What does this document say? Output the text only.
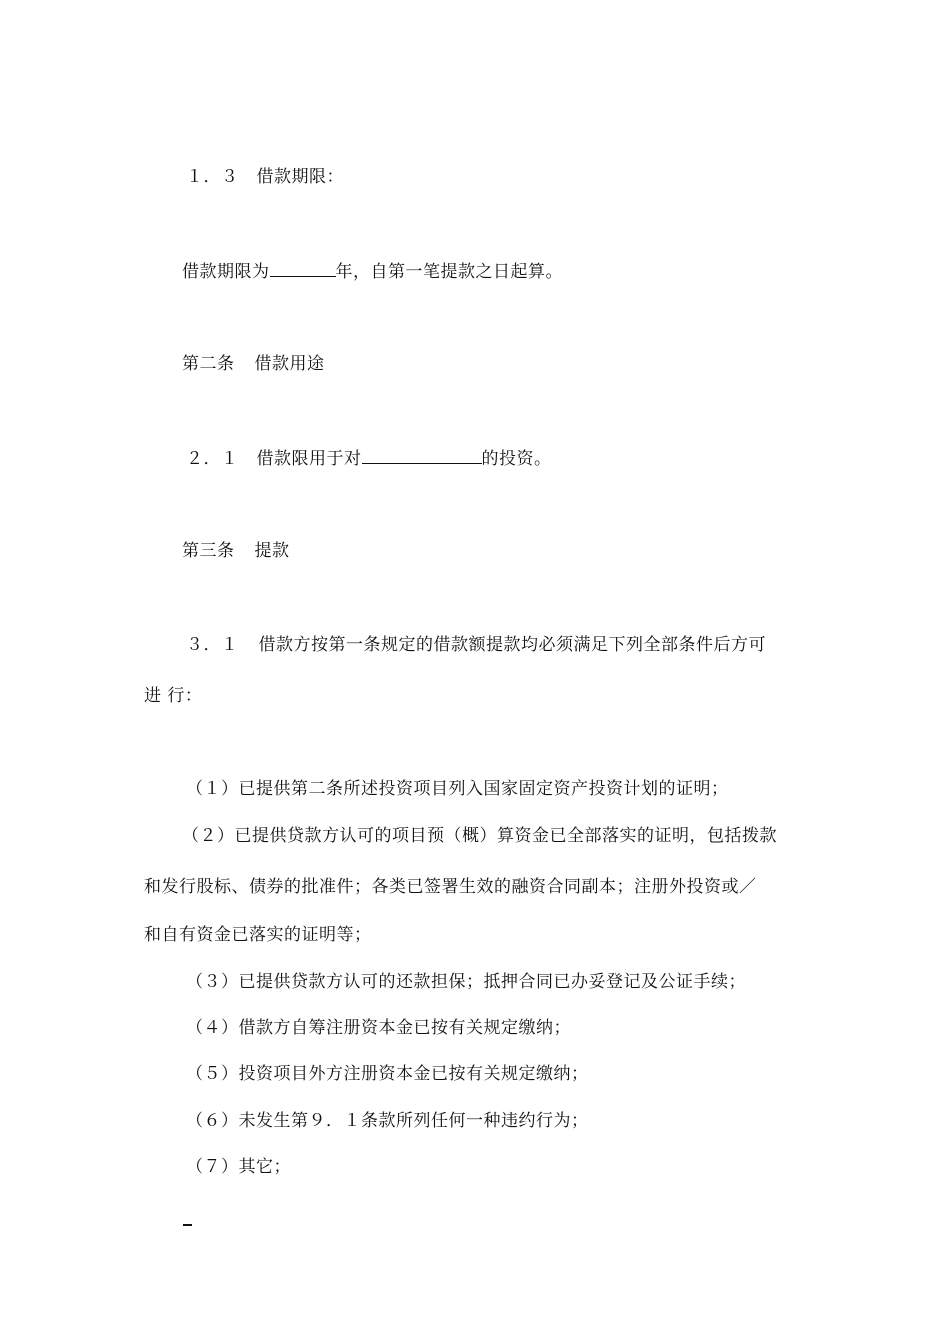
１．３ 借款期限：
借款期限为	年，自第一笔提款之日起算。
第二条 借款用途
２．１ 借款限用于对	的投资。
第三条 提款
３．１ 借款方按第一条规定的借款额提款均必须满足下列全部条件后方可
进 行：
（１）已提供第二条所述投资项目列入国家固定资产投资计划的证明；
（２）已提供贷款方认可的项目预（概）算资金已全部落实的证明，包括拨款
和发行股标、债券的批准件；各类已签署生效的融资合同副本；注册外投资或／
和自有资金已落实的证明等；
（３）已提供贷款方认可的还款担保；抵押合同已办妥登记及公证手续；
（４）借款方自筹注册资本金已按有关规定缴纳；
（５）投资项目外方注册资本金已按有关规定缴纳；
（６）未发生第９．１条款所列任何一种违约行为；
（７）其它；
